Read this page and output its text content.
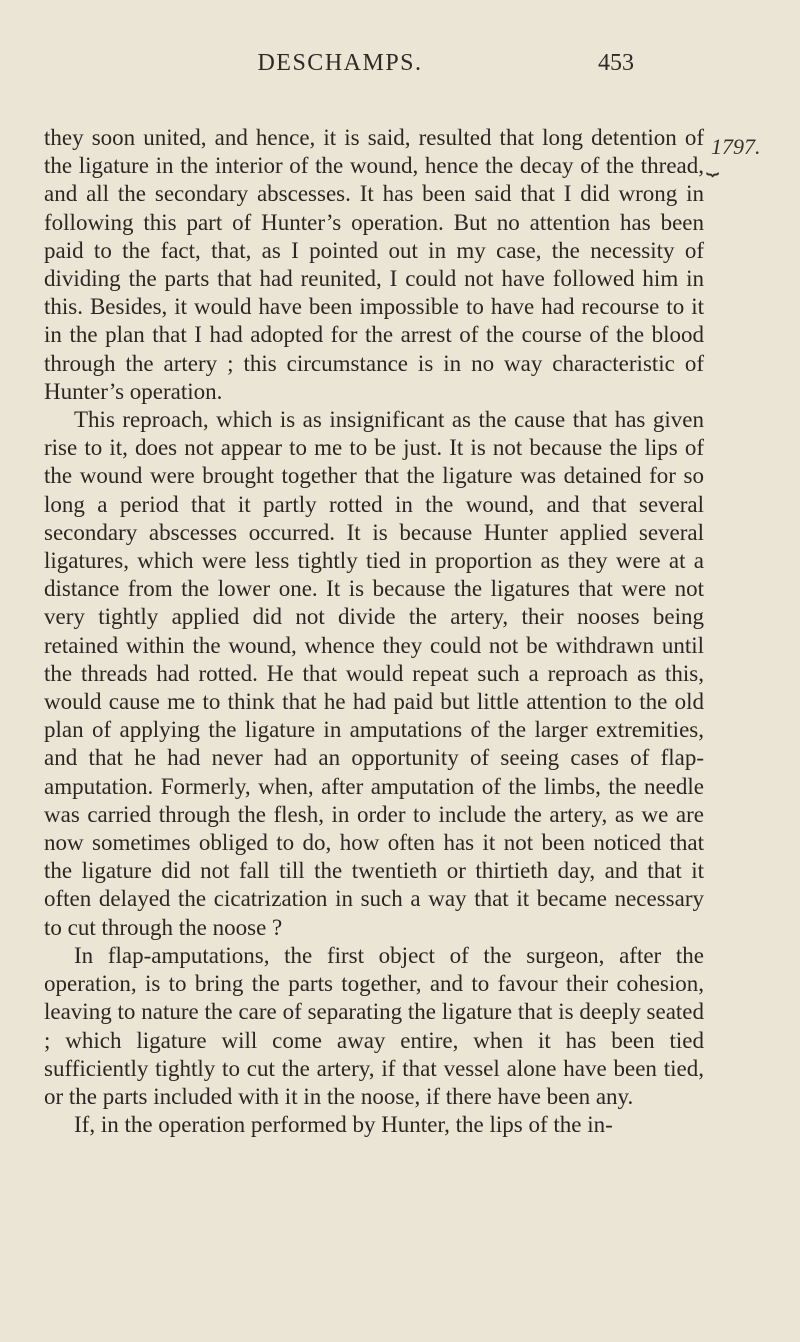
DESCHAMPS.	453
1797.
⏟

they soon united, and hence, it is said, resulted that long detention of the ligature in the interior of the wound, hence the decay of the thread, and all the secondary abscesses. It has been said that I did wrong in following this part of Hunter’s operation. But no attention has been paid to the fact, that, as I pointed out in my case, the necessity of dividing the parts that had reunited, I could not have followed him in this. Besides, it would have been impossible to have had recourse to it in the plan that I had adopted for the arrest of the course of the blood through the artery ; this circumstance is in no way characteristic of Hunter’s operation.

This reproach, which is as insignificant as the cause that has given rise to it, does not appear to me to be just. It is not because the lips of the wound were brought together that the ligature was detained for so long a period that it partly rotted in the wound, and that several secondary abscesses occurred. It is because Hunter applied several ligatures, which were less tightly tied in proportion as they were at a distance from the lower one. It is because the ligatures that were not very tightly applied did not divide the artery, their nooses being retained within the wound, whence they could not be withdrawn until the threads had rotted. He that would repeat such a reproach as this, would cause me to think that he had paid but little attention to the old plan of applying the ligature in amputations of the larger extremities, and that he had never had an opportunity of seeing cases of flap-amputation. Formerly, when, after amputation of the limbs, the needle was carried through the flesh, in order to include the artery, as we are now sometimes obliged to do, how often has it not been noticed that the ligature did not fall till the twentieth or thirtieth day, and that it often delayed the cicatrization in such a way that it became necessary to cut through the noose ?

In flap-amputations, the first object of the surgeon, after the operation, is to bring the parts together, and to favour their cohesion, leaving to nature the care of separating the ligature that is deeply seated ; which ligature will come away entire, when it has been tied sufficiently tightly to cut the artery, if that vessel alone have been tied, or the parts included with it in the noose, if there have been any.

If, in the operation performed by Hunter, the lips of the in-
